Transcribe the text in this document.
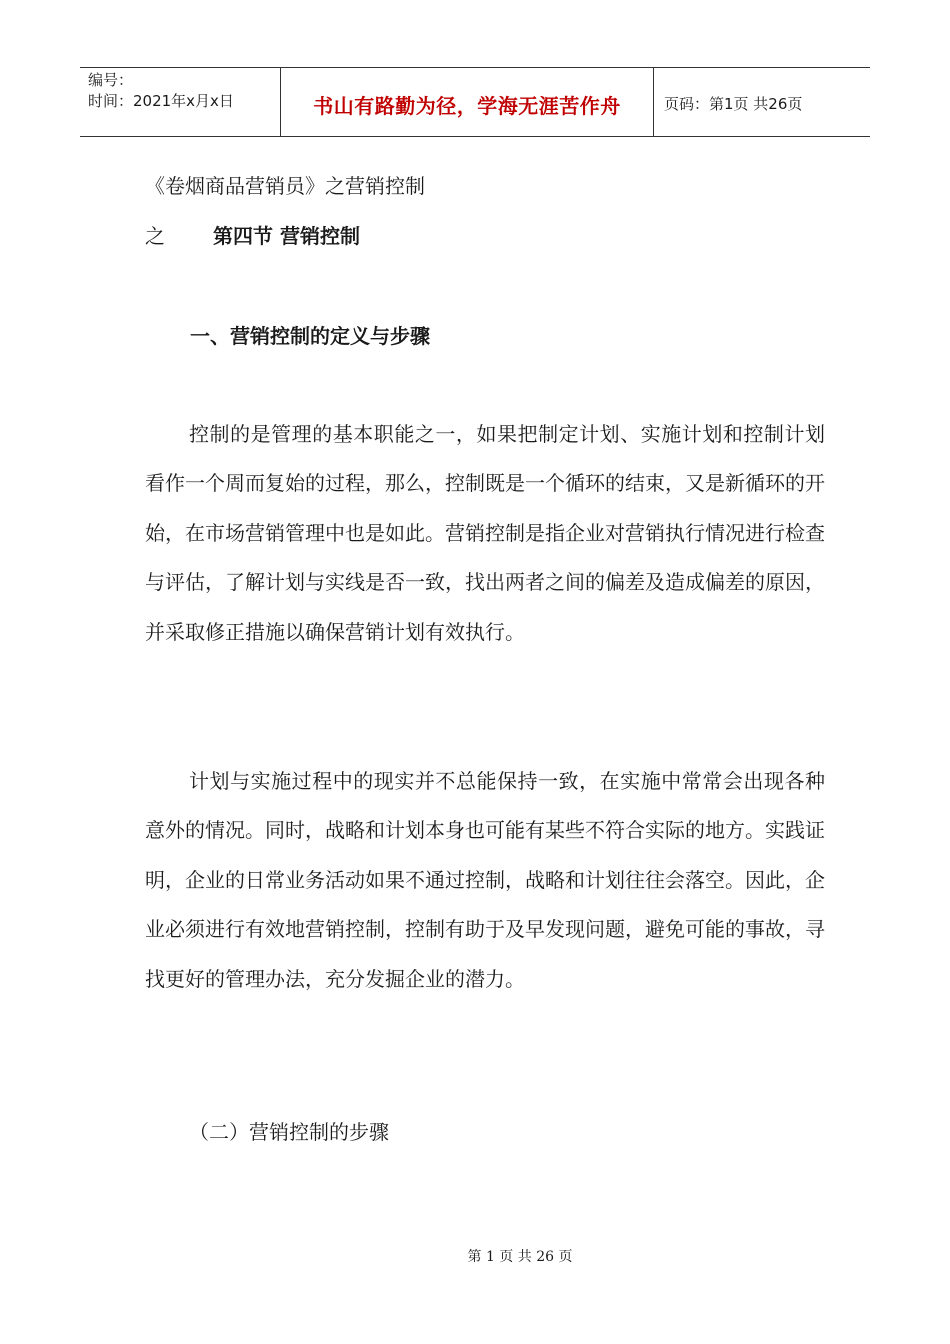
编号：
时间：2021年x月x日	书山有路勤为径，学海无涯苦作舟	页码：第1页 共26页
《卷烟商品营销员》之营销控制
之 第四节 营销控制
一、营销控制的定义与步骤

控制的是管理的基本职能之一，如果把制定计划、实施计划和控制计划看作一个周而复始的过程，那么，控制既是一个循环的结束，又是新循环的开始，在市场营销管理中也是如此。营销控制是指企业对营销执行情况进行检查与评估，了解计划与实线是否一致，找出两者之间的偏差及造成偏差的原因，并采取修正措施以确保营销计划有效执行。

计划与实施过程中的现实并不总能保持一致，在实施中常常会出现各种意外的情况。同时，战略和计划本身也可能有某些不符合实际的地方。实践证明，企业的日常业务活动如果不通过控制，战略和计划往往会落空。因此，企业必须进行有效地营销控制，控制有助于及早发现问题，避免可能的事故，寻找更好的管理办法，充分发掘企业的潜力。

（二）营销控制的步骤
第 1 页 共 26 页
